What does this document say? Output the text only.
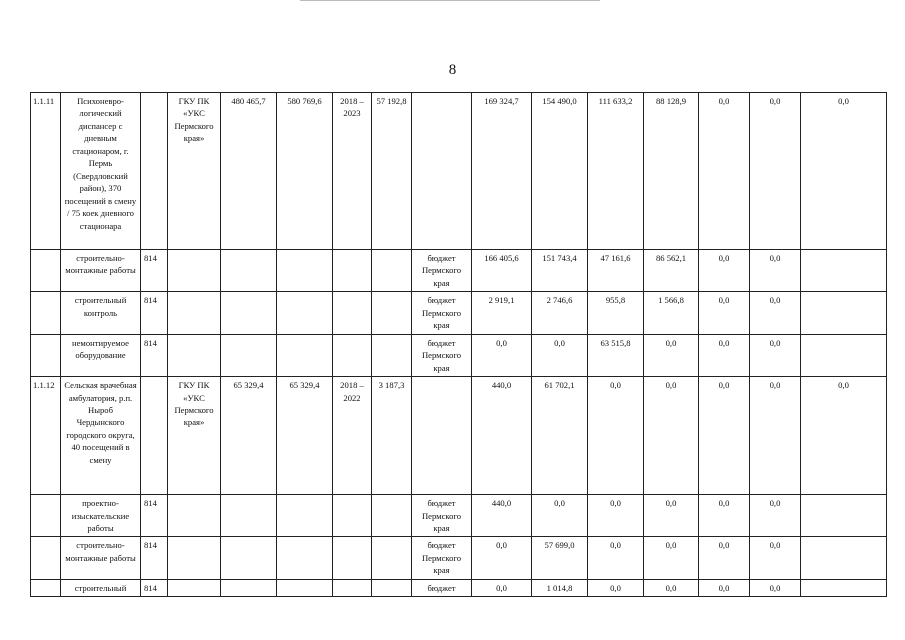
8
1.1.11	Психоневро-логический диспансер с дневным стационаром, г. Пермь (Свердловский район), 370 посещений в смену / 75 коек дневного стационара		ГКУ ПК «УКС Пермского края»	480 465,7	580 769,6	2018 – 2023	57 192,8		169 324,7	154 490,0	111 633,2	88 128,9	0,0	0,0	0,0
	строительно-монтажные работы	814						бюджет Пермского края	166 405,6	151 743,4	47 161,6	86 562,1	0,0	0,0	
	строительный контроль	814						бюджет Пермского края	2 919,1	2 746,6	955,8	1 566,8	0,0	0,0	
	немонтируемое оборудование	814						бюджет Пермского края	0,0	0,0	63 515,8	0,0	0,0	0,0	
1.1.12	Сельская врачебная амбулатория, р.п. Ныроб Чердынского городского округа, 40 посещений в смену		ГКУ ПК «УКС Пермского края»	65 329,4	65 329,4	2018 – 2022	3 187,3		440,0	61 702,1	0,0	0,0	0,0	0,0	0,0
	проектно-изыскательские работы	814						бюджет Пермского края	440,0	0,0	0,0	0,0	0,0	0,0	
	строительно-монтажные работы	814						бюджет Пермского края	0,0	57 699,0	0,0	0,0	0,0	0,0	
	строительный	814						бюджет	0,0	1 014,8	0,0	0,0	0,0	0,0	
